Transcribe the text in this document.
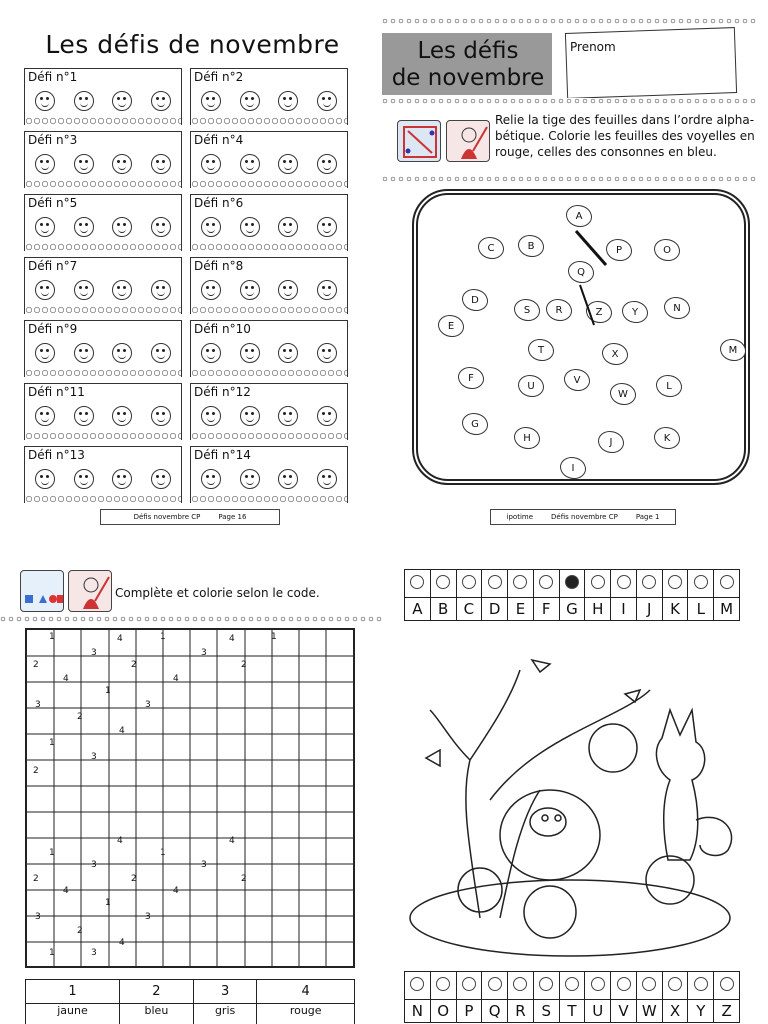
Les défis de novembre
Défi n°1	Défi n°2
Défi n°3	Défi n°4
Défi n°5	Défi n°6
Défi n°7	Défi n°8
Défi n°9	Défi n°10
Défi n°11	Défi n°12
Défi n°13	Défi n°14
Défis novembre CP	Page 16
Les défis
de novembre
Prenom
Relie la tige des feuilles dans l’ordre alpha-bétique. Colorie les feuilles des voyelles en rouge, celles des consonnes en bleu.
A
B
C
D
E
F
G
H
I
J	K
L
M
N
O
P
Q
R
S
T
U
V
W
X
Y
Z
ipotime	Défis novembre CP	Page 1
Complète et colorie selon le code.
1
3
4	1
3
4	1
2	2
4	4
2
1
3	3
2
4
1
3
2
4
1
3
4
1
3
2	2
4	4
2
1
3	3
2
4
1	3
1	2	3	4
jaune	bleu	gris	rouge

A	B	C	D	E	F	G	H	I	J	K	L	M

N	O	P	Q	R	S	T	U	V	W	X	Y	Z
